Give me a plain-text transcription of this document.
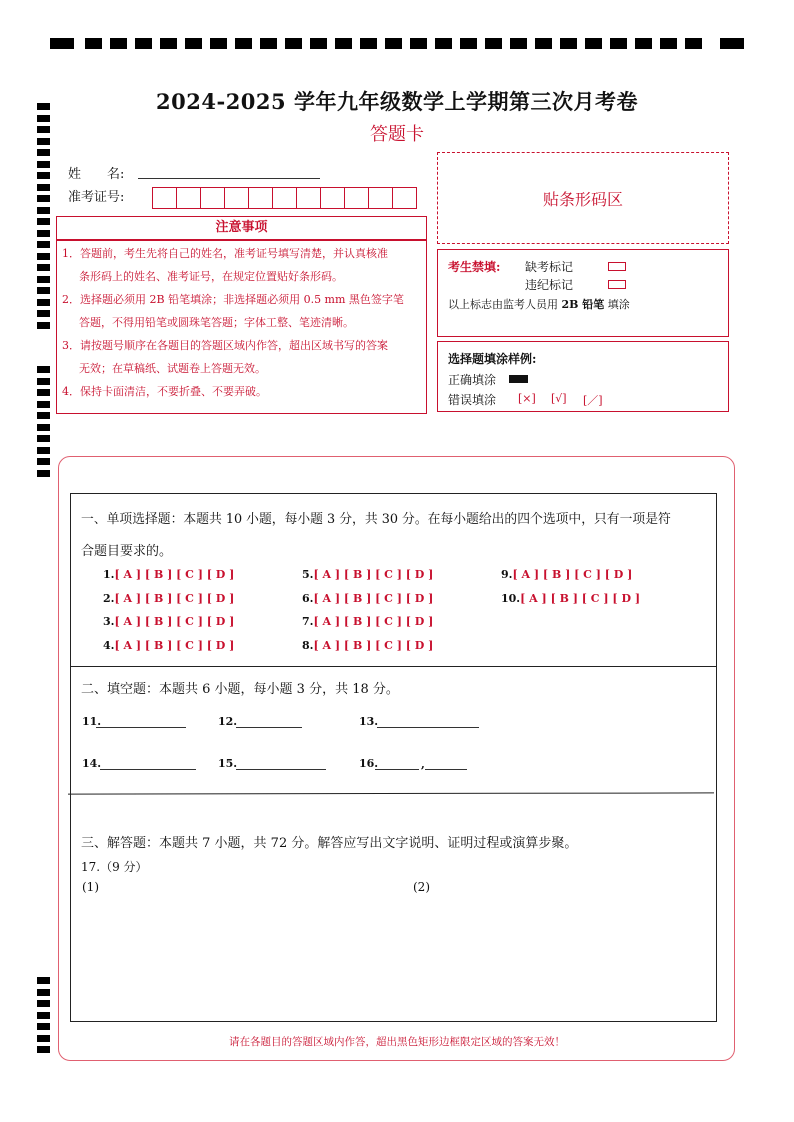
2024-2025 学年九年级数学上学期第三次月考卷
答题卡
姓　　名:
准考证号:	贴条形码区
注意事项
1．答题前，考生先将自己的姓名，准考证号填写清楚，并认真核准
条形码上的姓名、准考证号，在规定位置贴好条形码。
2．选择题必须用 2B 铅笔填涂；非选择题必须用 0.5 mm 黑色签字笔
答题，不得用铅笔或圆珠笔答题；字体工整、笔迹清晰。
3．请按题号顺序在各题目的答题区域内作答，超出区域书写的答案
无效；在草稿纸、试题卷上答题无效。
4．保持卡面清洁，不要折叠、不要弄破。
考生禁填: 缺考标记
违纪标记
以上标志由监考人员用 2B 铅笔 填涂
选择题填涂样例:
正确填涂
错误填涂 [×] [√] [／]
一、单项选择题：本题共 10 小题，每小题 3 分，共 30 分。在每小题给出的四个选项中，只有一项是符
合题目要求的。
1.[ A ] [ B ] [ C ] [ D ]
2.[ A ] [ B ] [ C ] [ D ]
3.[ A ] [ B ] [ C ] [ D ]
4.[ A ] [ B ] [ C ] [ D ]
5.[ A ] [ B ] [ C ] [ D ]
6.[ A ] [ B ] [ C ] [ D ]
7.[ A ] [ B ] [ C ] [ D ]
8.[ A ] [ B ] [ C ] [ D ]
9.[ A ] [ B ] [ C ] [ D ]
10.[ A ] [ B ] [ C ] [ D ]
二、填空题：本题共 6 小题，每小题 3 分，共 18 分。
11.	12.	13.
14.	15.	16.	,
三、解答题：本题共 7 小题，共 72 分。解答应写出文字说明、证明过程或演算步聚。
17.（9 分）
(1)	(2)
请在各题目的答题区域内作答，超出黑色矩形边框限定区域的答案无效！
